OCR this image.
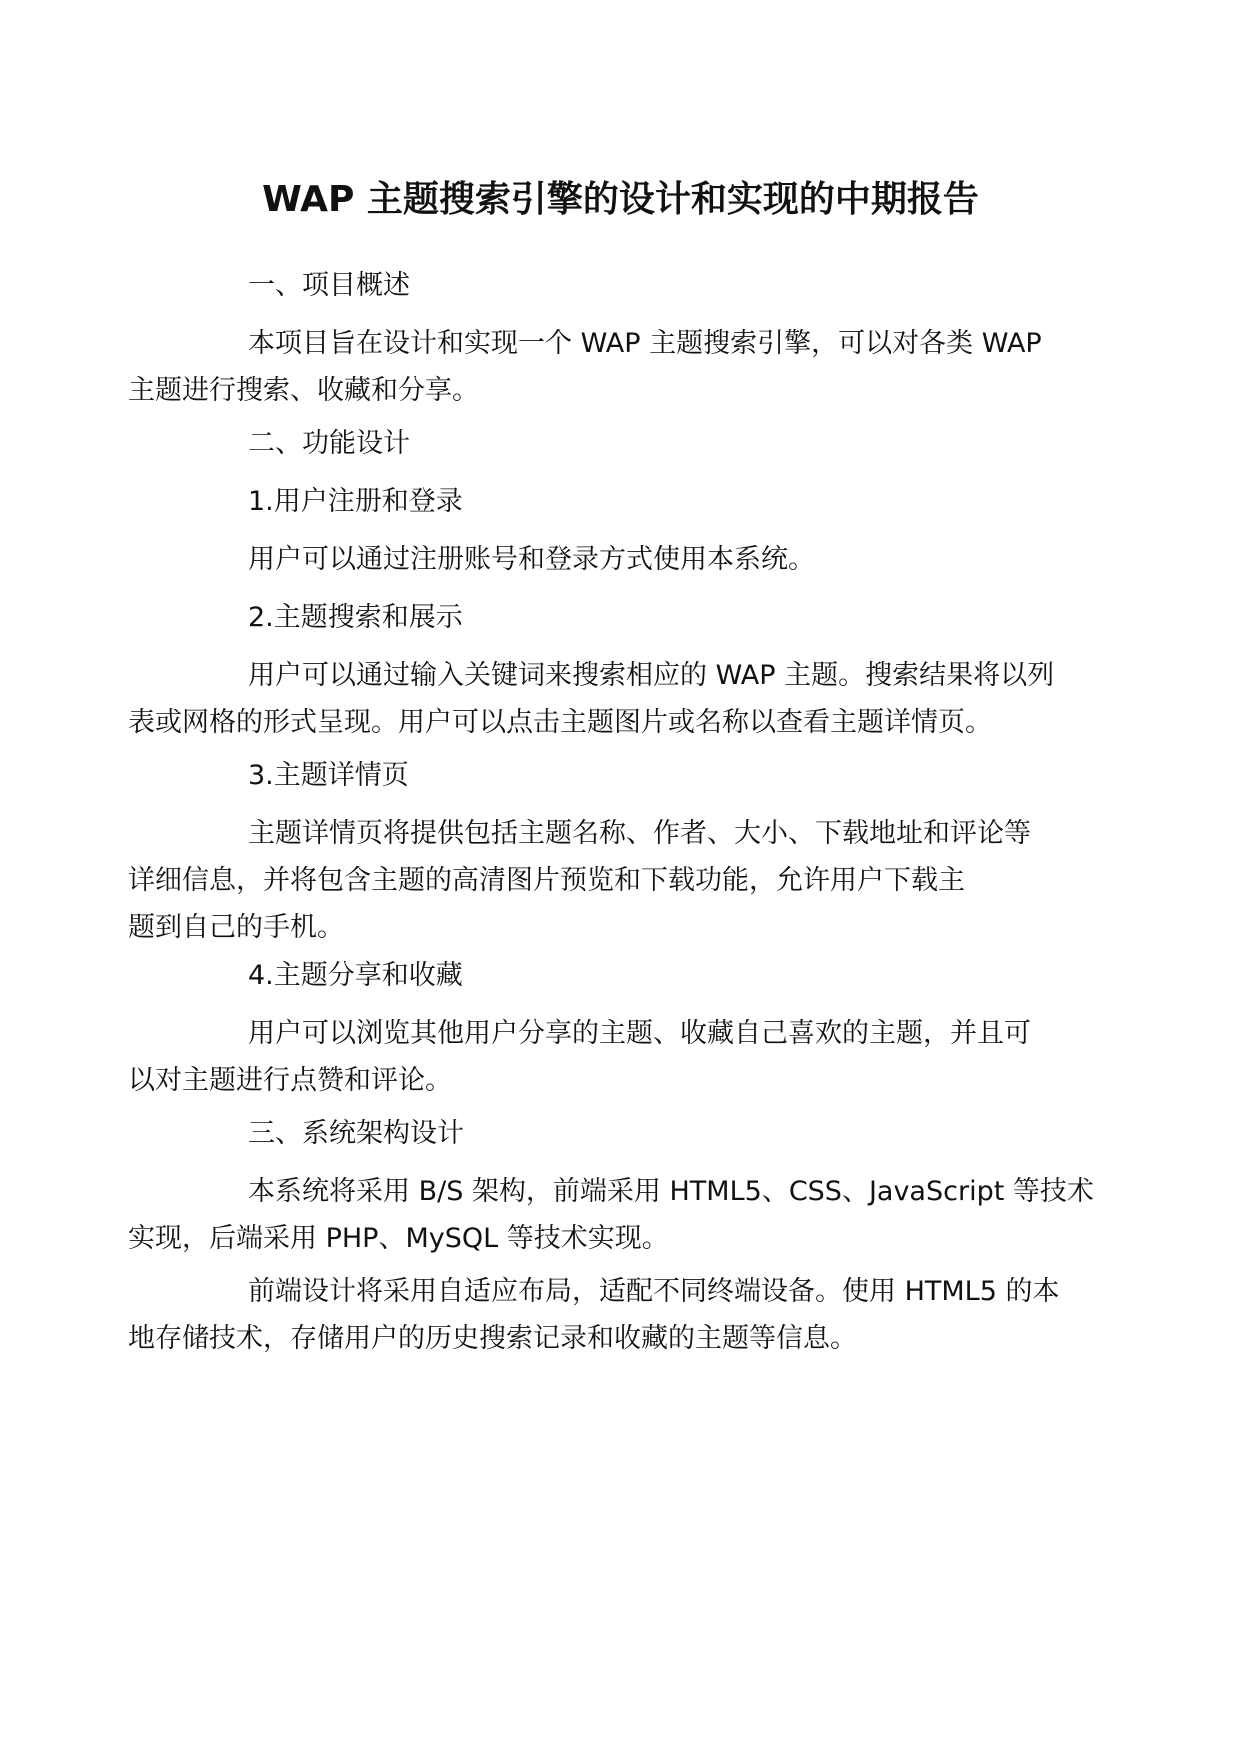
WAP 主题搜索引擎的设计和实现的中期报告
一、项目概述
本项目旨在设计和实现一个 WAP 主题搜索引擎，可以对各类 WAP
主题进行搜索、收藏和分享。
二、功能设计
1.用户注册和登录
用户可以通过注册账号和登录方式使用本系统。
2.主题搜索和展示
用户可以通过输入关键词来搜索相应的 WAP 主题。搜索结果将以列
表或网格的形式呈现。用户可以点击主题图片或名称以查看主题详情页。
3.主题详情页
主题详情页将提供包括主题名称、作者、大小、下载地址和评论等
详细信息，并将包含主题的高清图片预览和下载功能，允许用户下载主
题到自己的手机。
4.主题分享和收藏
用户可以浏览其他用户分享的主题、收藏自己喜欢的主题，并且可
以对主题进行点赞和评论。
三、系统架构设计
本系统将采用 B/S 架构，前端采用 HTML5、CSS、JavaScript 等技术
实现，后端采用 PHP、MySQL 等技术实现。
前端设计将采用自适应布局，适配不同终端设备。使用 HTML5 的本
地存储技术，存储用户的历史搜索记录和收藏的主题等信息。
